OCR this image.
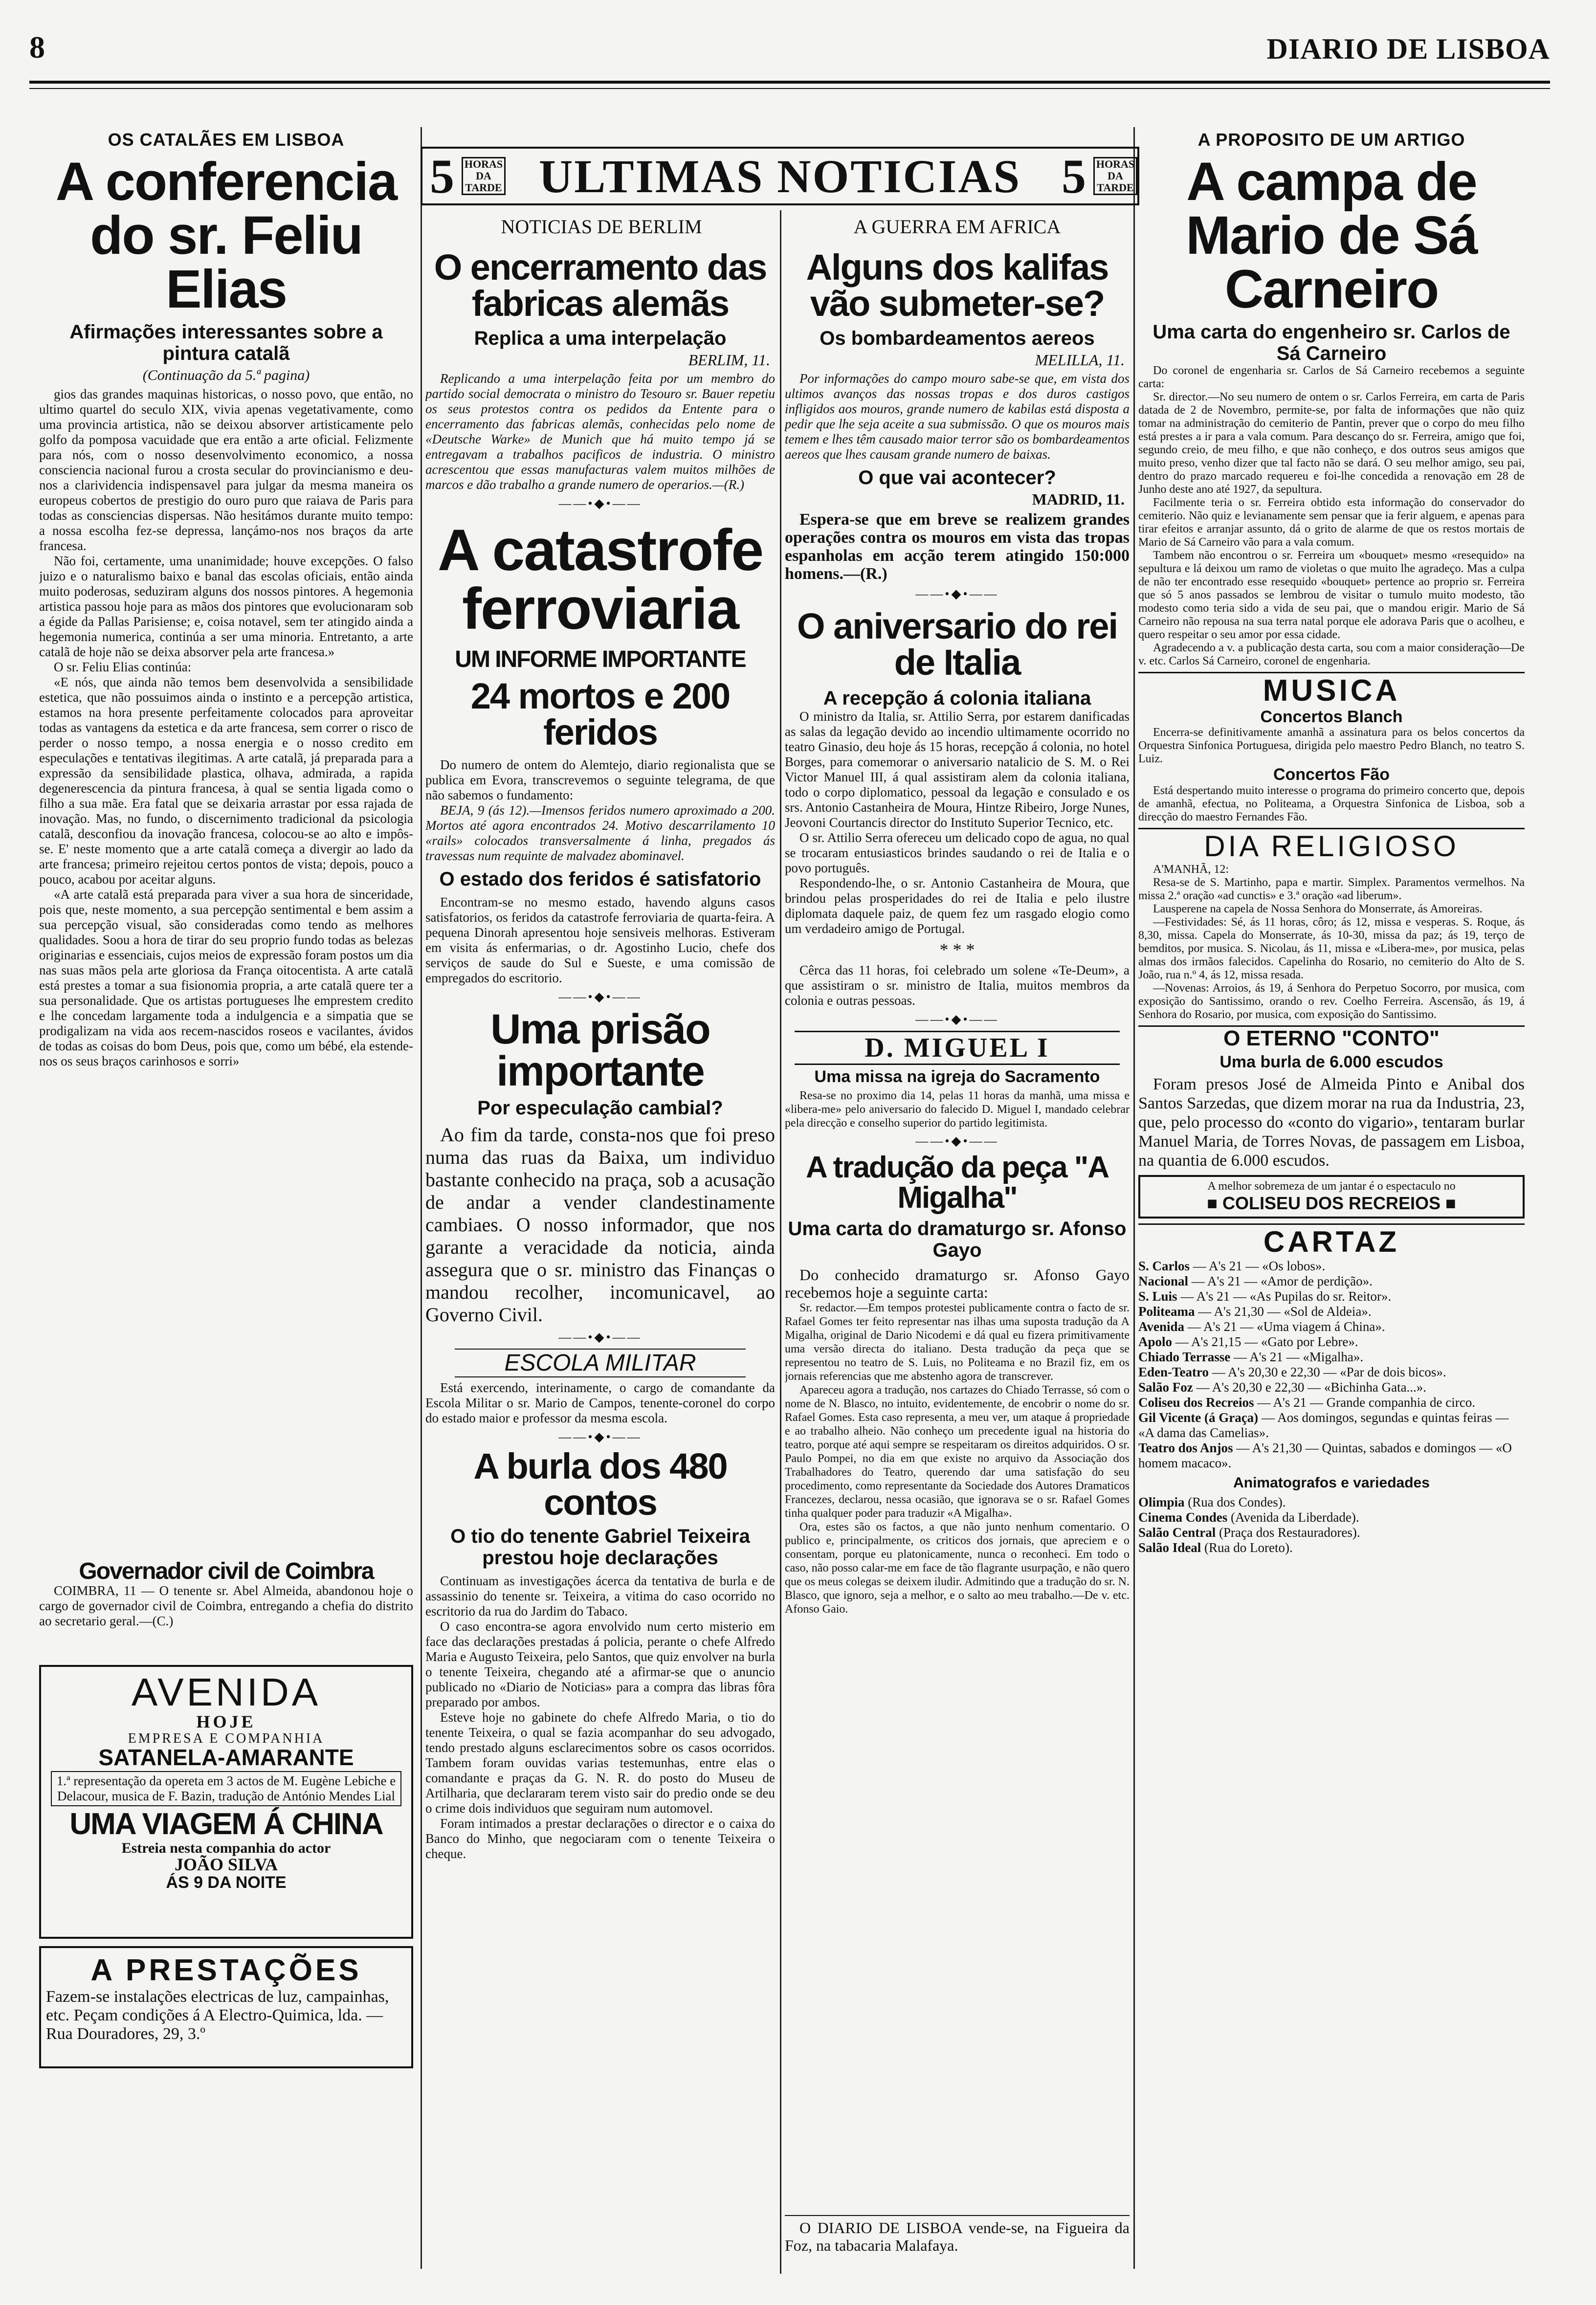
8	DIARIO DE LISBOA
OS CATALÃES EM LISBOA
A conferencia do sr. Feliu Elias
Afirmações interessantes sobre a pintura catalã
(Continuação da 5.ª pagina)

gios das grandes maquinas historicas, o nosso povo, que então, no ultimo quartel do seculo XIX, vivia apenas vegetativamente, como uma provincia artistica, não se deixou absorver artisticamente pelo golfo da pomposa vacuidade que era então a arte oficial. Felizmente para nós, com o nosso desenvolvimento economico, a nossa consciencia nacional furou a crosta secular do provincianismo e deu-nos a clarividencia indispensavel para julgar da mesma maneira os europeus cobertos de prestigio do ouro puro que raiava de Paris para todas as consciencias dispersas. Não hesitámos durante muito tempo: a nossa escolha fez-se depressa, lançámo-nos nos braços da arte francesa.

Não foi, certamente, uma unanimidade; houve excepções. O falso juizo e o naturalismo baixo e banal das escolas oficiais, então ainda muito poderosas, seduziram alguns dos nossos pintores. A hegemonia artistica passou hoje para as mãos dos pintores que evolucionaram sob a égide da Pallas Parisiense; e, coisa notavel, sem ter atingido ainda a hegemonia numerica, continúa a ser uma minoria. Entretanto, a arte catalã de hoje não se deixa absorver pela arte francesa.»

O sr. Feliu Elias continúa:

«E nós, que ainda não temos bem desenvolvida a sensibilidade estetica, que não possuimos ainda o instinto e a percepção artistica, estamos na hora presente perfeitamente colocados para aproveitar todas as vantagens da estetica e da arte francesa, sem correr o risco de perder o nosso tempo, a nossa energia e o nosso credito em especulações e tentativas ilegitimas. A arte catalã, já preparada para a expressão da sensibilidade plastica, olhava, admirada, a rapida degenerescencia da pintura francesa, à qual se sentia ligada como o filho a sua mãe. Era fatal que se deixaria arrastar por essa rajada de inovação. Mas, no fundo, o discernimento tradicional da psicologia catalã, desconfiou da inovação francesa, colocou-se ao alto e impôs-se. E' neste momento que a arte catalã começa a divergir ao lado da arte francesa; primeiro rejeitou certos pontos de vista; depois, pouco a pouco, acabou por aceitar alguns.

«A arte catalã está preparada para viver a sua hora de sinceridade, pois que, neste momento, a sua percepção sentimental e bem assim a sua percepção visual, são consideradas como tendo as melhores qualidades. Soou a hora de tirar do seu proprio fundo todas as belezas originarias e essenciais, cujos meios de expressão foram postos um dia nas suas mãos pela arte gloriosa da França oitocentista. A arte catalã está prestes a tomar a sua fisionomia propria, a arte catalã quere ter a sua personalidade. Que os artistas portugueses lhe emprestem credito e lhe concedam largamente toda a indulgencia e a simpatia que se prodigalizam na vida aos recem-nascidos roseos e vacilantes, ávidos de todas as coisas do bom Deus, pois que, como um bébé, ela estende-nos os seus braços carinhosos e sorri»

Governador civil de Coimbra

COIMBRA, 11 — O tenente sr. Abel Almeida, abandonou hoje o cargo de governador civil de Coimbra, entregando a chefia do distrito ao secretario geral.—(C.)

AVENIDA
HOJE
EMPRESA E COMPANHIA
SATANELA-AMARANTE
1.ª representação da opereta em 3 actos de M. Eugène Lebiche e Delacour, musica de F. Bazin, tradução de António Mendes Lial
UMA VIAGEM Á CHINA
Estreia nesta companhia do actor
JOÃO SILVA
ÁS 9 DA NOITE
A PRESTAÇÕES
Fazem-se instalações electricas de luz, campainhas, etc. Peçam condições á A Electro-Quimica, lda. — Rua Douradores, 29, 3.º
5 HORAS DA TARDE ULTIMAS NOTICIAS 5 HORAS DA TARDE
NOTICIAS DE BERLIM	A GUERRA EM AFRICA
O encerramento das fabricas alemãs
Replica a uma interpelação
BERLIM, 11.

Replicando a uma interpelação feita por um membro do partido social democrata o ministro do Tesouro sr. Bauer repetiu os seus protestos contra os pedidos da Entente para o encerramento das fabricas alemãs, conhecidas pelo nome de «Deutsche Warke» de Munich que há muito tempo já se entregavam a trabalhos pacificos de industria. O ministro acrescentou que essas manufacturas valem muitos milhões de marcos e dão trabalho a grande numero de operarios.—(R.)

——•◆•——
A catastrofe ferroviaria
UM INFORME IMPORTANTE
24 mortos e 200 feridos

Do numero de ontem do Alemtejo, diario regionalista que se publica em Evora, transcrevemos o seguinte telegrama, de que não sabemos o fundamento:

BEJA, 9 (ás 12).—Imensos feridos numero aproximado a 200. Mortos até agora encontrados 24. Motivo descarrilamento 10 «rails» colocados transversalmente á linha, pregados ás travessas num requinte de malvadez abominavel.

O estado dos feridos é satisfatorio

Encontram-se no mesmo estado, havendo alguns casos satisfatorios, os feridos da catastrofe ferroviaria de quarta-feira. A pequena Dinorah apresentou hoje sensiveis melhoras. Estiveram em visita ás enfermarias, o dr. Agostinho Lucio, chefe dos serviços de saude do Sul e Sueste, e uma comissão de empregados do escritorio.

——•◆•——
Uma prisão importante
Por especulação cambial?

Ao fim da tarde, consta-nos que foi preso numa das ruas da Baixa, um individuo bastante conhecido na praça, sob a acusação de andar a vender clandestinamente cambiaes. O nosso informador, que nos garante a veracidade da noticia, ainda assegura que o sr. ministro das Finanças o mandou recolher, incomunicavel, ao Governo Civil.

——•◆•——
ESCOLA MILITAR

Está exercendo, interinamente, o cargo de comandante da Escola Militar o sr. Mario de Campos, tenente-coronel do corpo do estado maior e professor da mesma escola.

——•◆•——
A burla dos 480 contos
O tio do tenente Gabriel Teixeira prestou hoje declarações

Continuam as investigações ácerca da tentativa de burla e de assassinio do tenente sr. Teixeira, a vitima do caso ocorrido no escritorio da rua do Jardim do Tabaco.

O caso encontra-se agora envolvido num certo misterio em face das declarações prestadas á policia, perante o chefe Alfredo Maria e Augusto Teixeira, pelo Santos, que quiz envolver na burla o tenente Teixeira, chegando até a afirmar-se que o anuncio publicado no «Diario de Noticias» para a compra das libras fôra preparado por ambos.

Esteve hoje no gabinete do chefe Alfredo Maria, o tio do tenente Teixeira, o qual se fazia acompanhar do seu advogado, tendo prestado alguns esclarecimentos sobre os casos ocorridos. Tambem foram ouvidas varias testemunhas, entre elas o comandante e praças da G. N. R. do posto do Museu de Artilharia, que declararam terem visto sair do predio onde se deu o crime dois individuos que seguiram num automovel.

Foram intimados a prestar declarações o director e o caixa do Banco do Minho, que negociaram com o tenente Teixeira o cheque.

Alguns dos kalifas vão submeter-se?
Os bombardeamentos aereos
MELILLA, 11.

Por informações do campo mouro sabe-se que, em vista dos ultimos avanços das nossas tropas e dos duros castigos infligidos aos mouros, grande numero de kabilas está disposta a pedir que lhe seja aceite a sua submissão. O que os mouros mais temem e lhes têm causado maior terror são os bombardeamentos aereos que lhes causam grande numero de baixas.

O que vai acontecer?
MADRID, 11.

Espera-se que em breve se realizem grandes operações contra os mouros em vista das tropas espanholas em acção terem atingido 150:000 homens.—(R.)

——•◆•——
O aniversario do rei de Italia
A recepção á colonia italiana

O ministro da Italia, sr. Attilio Serra, por estarem danificadas as salas da legação devido ao incendio ultimamente ocorrido no teatro Ginasio, deu hoje ás 15 horas, recepção á colonia, no hotel Borges, para comemorar o aniversario natalicio de S. M. o Rei Victor Manuel III, á qual assistiram alem da colonia italiana, todo o corpo diplomatico, pessoal da legação e consulado e os srs. Antonio Castanheira de Moura, Hintze Ribeiro, Jorge Nunes, Jeovoni Courtancis director do Instituto Superior Tecnico, etc.

O sr. Attilio Serra ofereceu um delicado copo de agua, no qual se trocaram entusiasticos brindes saudando o rei de Italia e o povo português.

Respondendo-lhe, o sr. Antonio Castanheira de Moura, que brindou pelas prosperidades do rei de Italia e pelo ilustre diplomata daquele paiz, de quem fez um rasgado elogio como um verdadeiro amigo de Portugal.

* * *

Cêrca das 11 horas, foi celebrado um solene «Te-Deum», a que assistiram o sr. ministro de Italia, muitos membros da colonia e outras pessoas.

——•◆•——
D. MIGUEL I
Uma missa na igreja do Sacramento

Resa-se no proximo dia 14, pelas 11 horas da manhã, uma missa e «libera-me» pelo aniversario do falecido D. Miguel I, mandado celebrar pela direcção e conselho superior do partido legitimista.

——•◆•——
A tradução da peça "A Migalha"
Uma carta do dramaturgo sr. Afonso Gayo

Do conhecido dramaturgo sr. Afonso Gayo recebemos hoje a seguinte carta:

Sr. redactor.—Em tempos protestei publicamente contra o facto de sr. Rafael Gomes ter feito representar nas ilhas uma suposta tradução da A Migalha, original de Dario Nicodemi e dá qual eu fizera primitivamente uma versão directa do italiano. Desta tradução da peça que se representou no teatro de S. Luis, no Politeama e no Brazil fiz, em os jornais referencias que me abstenho agora de transcrever.

Apareceu agora a tradução, nos cartazes do Chiado Terrasse, só com o nome de N. Blasco, no intuito, evidentemente, de encobrir o nome do sr. Rafael Gomes. Esta caso representa, a meu ver, um ataque á propriedade e ao trabalho alheio. Não conheço um precedente igual na historia do teatro, porque até aqui sempre se respeitaram os direitos adquiridos. O sr. Paulo Pompei, no dia em que existe no arquivo da Associação dos Trabalhadores do Teatro, querendo dar uma satisfação do seu procedimento, como representante da Sociedade dos Autores Dramaticos Francezes, declarou, nessa ocasião, que ignorava se o sr. Rafael Gomes tinha qualquer poder para traduzir «A Migalha».

Ora, estes são os factos, a que não junto nenhum comentario. O publico e, principalmente, os criticos dos jornais, que apreciem e o consentam, porque eu platonicamente, nunca o reconheci. Em todo o caso, não posso calar-me em face de tão flagrante usurpação, e não quero que os meus colegas se deixem iludir. Admitindo que a tradução do sr. N. Blasco, que ignoro, seja a melhor, e o salto ao meu trabalho.—De v. etc. Afonso Gaio.

O DIARIO DE LISBOA vende-se, na Figueira da Foz, na tabacaria Malafaya.

A PROPOSITO DE UM ARTIGO
A campa de Mario de Sá Carneiro
Uma carta do engenheiro sr. Carlos de Sá Carneiro

Do coronel de engenharia sr. Carlos de Sá Carneiro recebemos a seguinte carta:

Sr. director.—No seu numero de ontem o sr. Carlos Ferreira, em carta de Paris datada de 2 de Novembro, permite-se, por falta de informações que não quiz tomar na administração do cemiterio de Pantin, prever que o corpo do meu filho está prestes a ir para a vala comum. Para descanço do sr. Ferreira, amigo que foi, segundo creio, de meu filho, e que não conheço, e dos outros seus amigos que muito preso, venho dizer que tal facto não se dará. O seu melhor amigo, seu pai, dentro do prazo marcado requereu e foi-lhe concedida a renovação em 28 de Junho deste ano até 1927, da sepultura.

Facilmente teria o sr. Ferreira obtido esta informação do conservador do cemiterio. Não quiz e levianamente sem pensar que ia ferir alguem, e apenas para tirar efeitos e arranjar assunto, dá o grito de alarme de que os restos mortais de Mario de Sá Carneiro vão para a vala comum.

Tambem não encontrou o sr. Ferreira um «bouquet» mesmo «resequido» na sepultura e lá deixou um ramo de violetas o que muito lhe agradeço. Mas a culpa de não ter encontrado esse resequido «bouquet» pertence ao proprio sr. Ferreira que só 5 anos passados se lembrou de visitar o tumulo muito modesto, tão modesto como teria sido a vida de seu pai, que o mandou erigir. Mario de Sá Carneiro não repousa na sua terra natal porque ele adorava Paris que o acolheu, e quero respeitar o seu amor por essa cidade.

Agradecendo a v. a publicação desta carta, sou com a maior consideração—De v. etc. Carlos Sá Carneiro, coronel de engenharia.

MUSICA
Concertos Blanch

Encerra-se definitivamente amanhã a assinatura para os belos concertos da Orquestra Sinfonica Portuguesa, dirigida pelo maestro Pedro Blanch, no teatro S. Luiz.

Concertos Fão

Está despertando muito interesse o programa do primeiro concerto que, depois de amanhã, efectua, no Politeama, a Orquestra Sinfonica de Lisboa, sob a direcção do maestro Fernandes Fão.

DIA RELIGIOSO

A'MANHÃ, 12:

Resa-se de S. Martinho, papa e martir. Simplex. Paramentos vermelhos. Na missa 2.ª oração «ad cunctis» e 3.ª oração «ad liberum».

Lausperene na capela de Nossa Senhora do Monserrate, ás Amoreiras.

—Festividades: Sé, ás 11 horas, côro; ás 12, missa e vesperas. S. Roque, ás 8,30, missa. Capela do Monserrate, ás 10-30, missa da paz; ás 19, terço de bemditos, por musica. S. Nicolau, ás 11, missa e «Libera-me», por musica, pelas almas dos irmãos falecidos. Capelinha do Rosario, no cemiterio do Alto de S. João, rua n.º 4, ás 12, missa resada.

—Novenas: Arroios, ás 19, á Senhora do Perpetuo Socorro, por musica, com exposição do Santissimo, orando o rev. Coelho Ferreira. Ascensão, ás 19, á Senhora do Rosario, por musica, com exposição do Santissimo.

O ETERNO "CONTO"
Uma burla de 6.000 escudos

Foram presos José de Almeida Pinto e Anibal dos Santos Sarzedas, que dizem morar na rua da Industria, 23, que, pelo processo do «conto do vigario», tentaram burlar Manuel Maria, de Torres Novas, de passagem em Lisboa, na quantia de 6.000 escudos.

A melhor sobremeza de um jantar é o espectaculo no
■ COLISEU DOS RECREIOS ■
CARTAZ
S. Carlos — A's 21 — «Os lobos».
Nacional — A's 21 — «Amor de perdição».
S. Luis — A's 21 — «As Pupilas do sr. Reitor».
Politeama — A's 21,30 — «Sol de Aldeia».
Avenida — A's 21 — «Uma viagem á China».
Apolo — A's 21,15 — «Gato por Lebre».
Chiado Terrasse — A's 21 — «Migalha».
Eden-Teatro — A's 20,30 e 22,30 — «Par de dois bicos».
Salão Foz — A's 20,30 e 22,30 — «Bichinha Gata...».
Coliseu dos Recreios — A's 21 — Grande companhia de circo.
Gil Vicente (á Graça) — Aos domingos, segundas e quintas feiras — «A dama das Camelias».
Teatro dos Anjos — A's 21,30 — Quintas, sabados e domingos — «O homem macaco».
Animatografos e variedades
Olimpia (Rua dos Condes).
Cinema Condes (Avenida da Liberdade).
Salão Central (Praça dos Restauradores).
Salão Ideal (Rua do Loreto).
